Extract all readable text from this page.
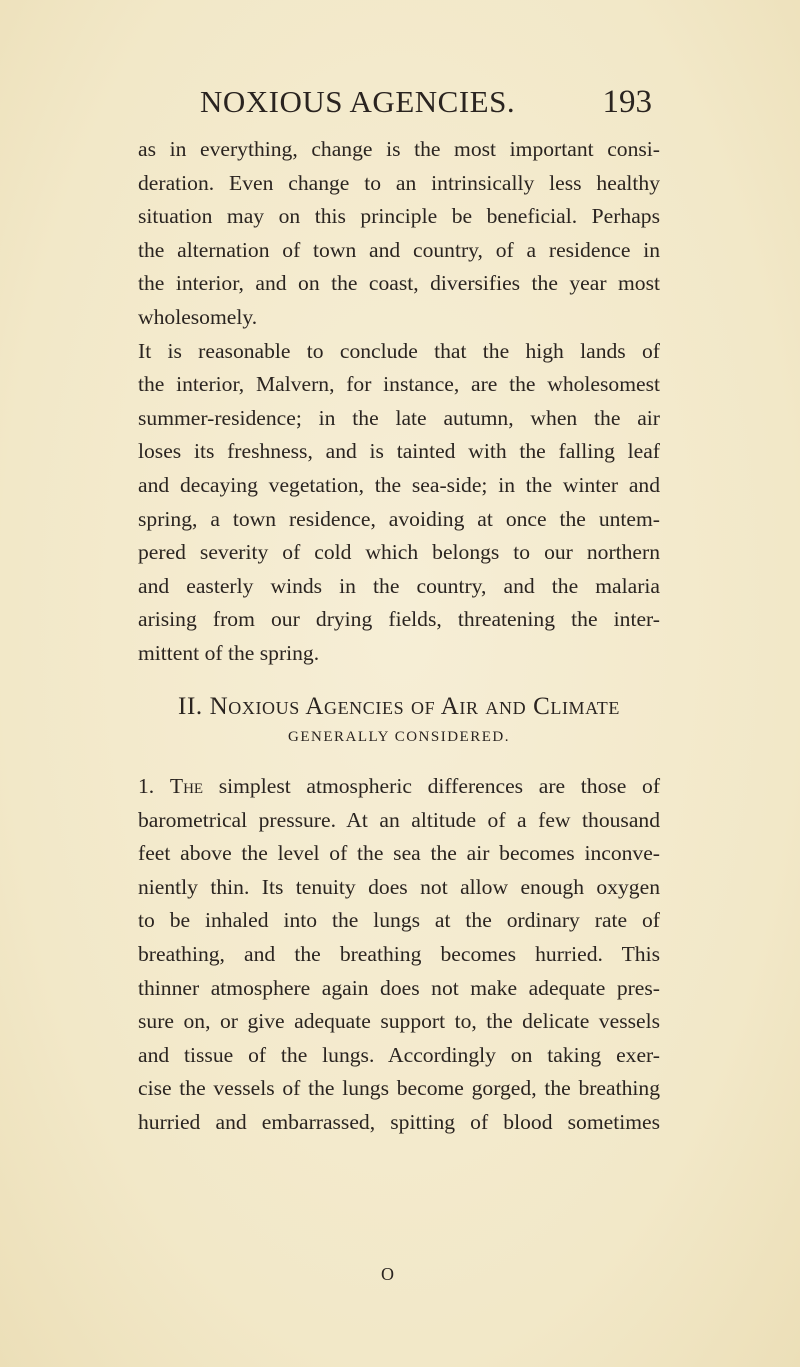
NOXIOUS AGENCIES.	193
as in everything, change is the most important consi-
deration. Even change to an intrinsically less healthy
situation may on this principle be beneficial. Perhaps
the alternation of town and country, of a residence in
the interior, and on the coast, diversifies the year most
wholesomely.
It is reasonable to conclude that the high lands of
the interior, Malvern, for instance, are the wholesomest
summer-residence; in the late autumn, when the air
loses its freshness, and is tainted with the falling leaf
and decaying vegetation, the sea-side; in the winter and
spring, a town residence, avoiding at once the untem-
pered severity of cold which belongs to our northern
and easterly winds in the country, and the malaria
arising from our drying fields, threatening the inter-
mittent of the spring.
II. Noxious Agencies of Air and Climate
GENERALLY CONSIDERED.
1. The simplest atmospheric differences are those of
barometrical pressure. At an altitude of a few thousand
feet above the level of the sea the air becomes inconve-
niently thin. Its tenuity does not allow enough oxygen
to be inhaled into the lungs at the ordinary rate of
breathing, and the breathing becomes hurried. This
thinner atmosphere again does not make adequate pres-
sure on, or give adequate support to, the delicate vessels
and tissue of the lungs. Accordingly on taking exer-
cise the vessels of the lungs become gorged, the breathing
hurried and embarrassed, spitting of blood sometimes
O
